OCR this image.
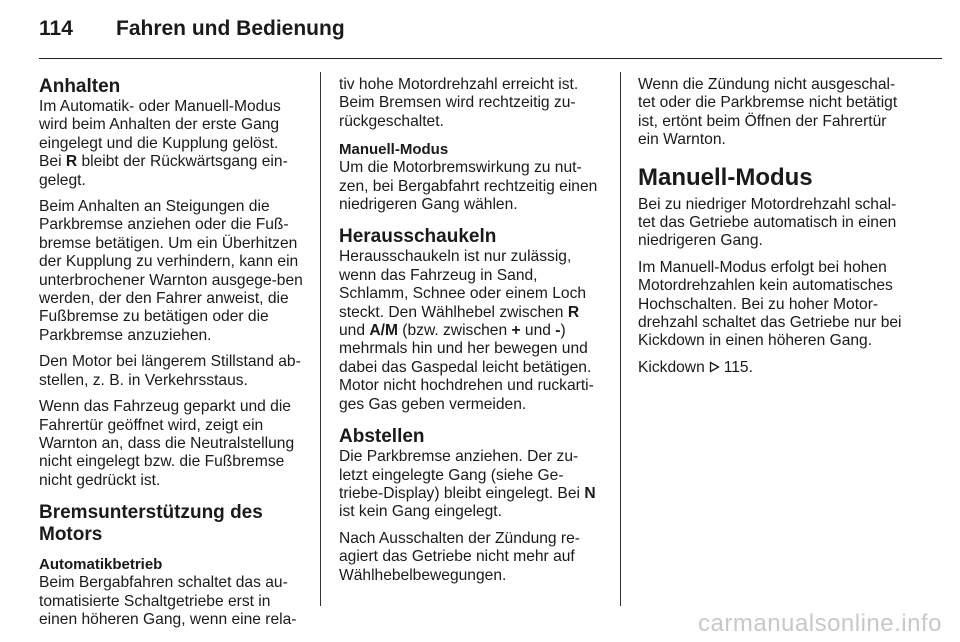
114	Fahren und Bedienung
Anhalten

Im Automatik- oder Manuell-Modus wird beim Anhalten der erste Gang eingelegt und die Kupplung gelöst. Bei R bleibt der Rückwärtsgang ein-gelegt.

Beim Anhalten an Steigungen die Parkbremse anziehen oder die Fuß-bremse betätigen. Um ein Überhitzen der Kupplung zu verhindern, kann ein unterbrochener Warnton ausgege-ben werden, der den Fahrer anweist, die Fußbremse zu betätigen oder die Parkbremse anzuziehen.

Den Motor bei längerem Stillstand ab-stellen, z. B. in Verkehrsstaus.

Wenn das Fahrzeug geparkt und die Fahrertür geöffnet wird, zeigt ein Warnton an, dass die Neutralstellung nicht eingelegt bzw. die Fußbremse nicht gedrückt ist.

Bremsunterstützung des Motors
Automatikbetrieb

Beim Bergabfahren schaltet das au-tomatisierte Schaltgetriebe erst in einen höheren Gang, wenn eine rela-

tiv hohe Motordrehzahl erreicht ist. Beim Bremsen wird rechtzeitig zu-rückgeschaltet.

Manuell-Modus

Um die Motorbremswirkung zu nut-zen, bei Bergabfahrt rechtzeitig einen niedrigeren Gang wählen.

Herausschaukeln

Herausschaukeln ist nur zulässig, wenn das Fahrzeug in Sand, Schlamm, Schnee oder einem Loch steckt. Den Wählhebel zwischen R und A/M (bzw. zwischen + und -) mehrmals hin und her bewegen und dabei das Gaspedal leicht betätigen. Motor nicht hochdrehen und ruckarti-ges Gas geben vermeiden.

Abstellen

Die Parkbremse anziehen. Der zu-letzt eingelegte Gang (siehe Ge-triebe-Display) bleibt eingelegt. Bei N ist kein Gang eingelegt.

Nach Ausschalten der Zündung re-agiert das Getriebe nicht mehr auf Wählhebelbewegungen.

Wenn die Zündung nicht ausgeschal-tet oder die Parkbremse nicht betätigt ist, ertönt beim Öffnen der Fahrertür ein Warnton.

Manuell-Modus

Bei zu niedriger Motordrehzahl schal-tet das Getriebe automatisch in einen niedrigeren Gang.

Im Manuell-Modus erfolgt bei hohen Motordrehzahlen kein automatisches Hochschalten. Bei zu hoher Motor-drehzahl schaltet das Getriebe nur bei Kickdown in einen höheren Gang.

Kickdown  115.

carmanualsonline.info
